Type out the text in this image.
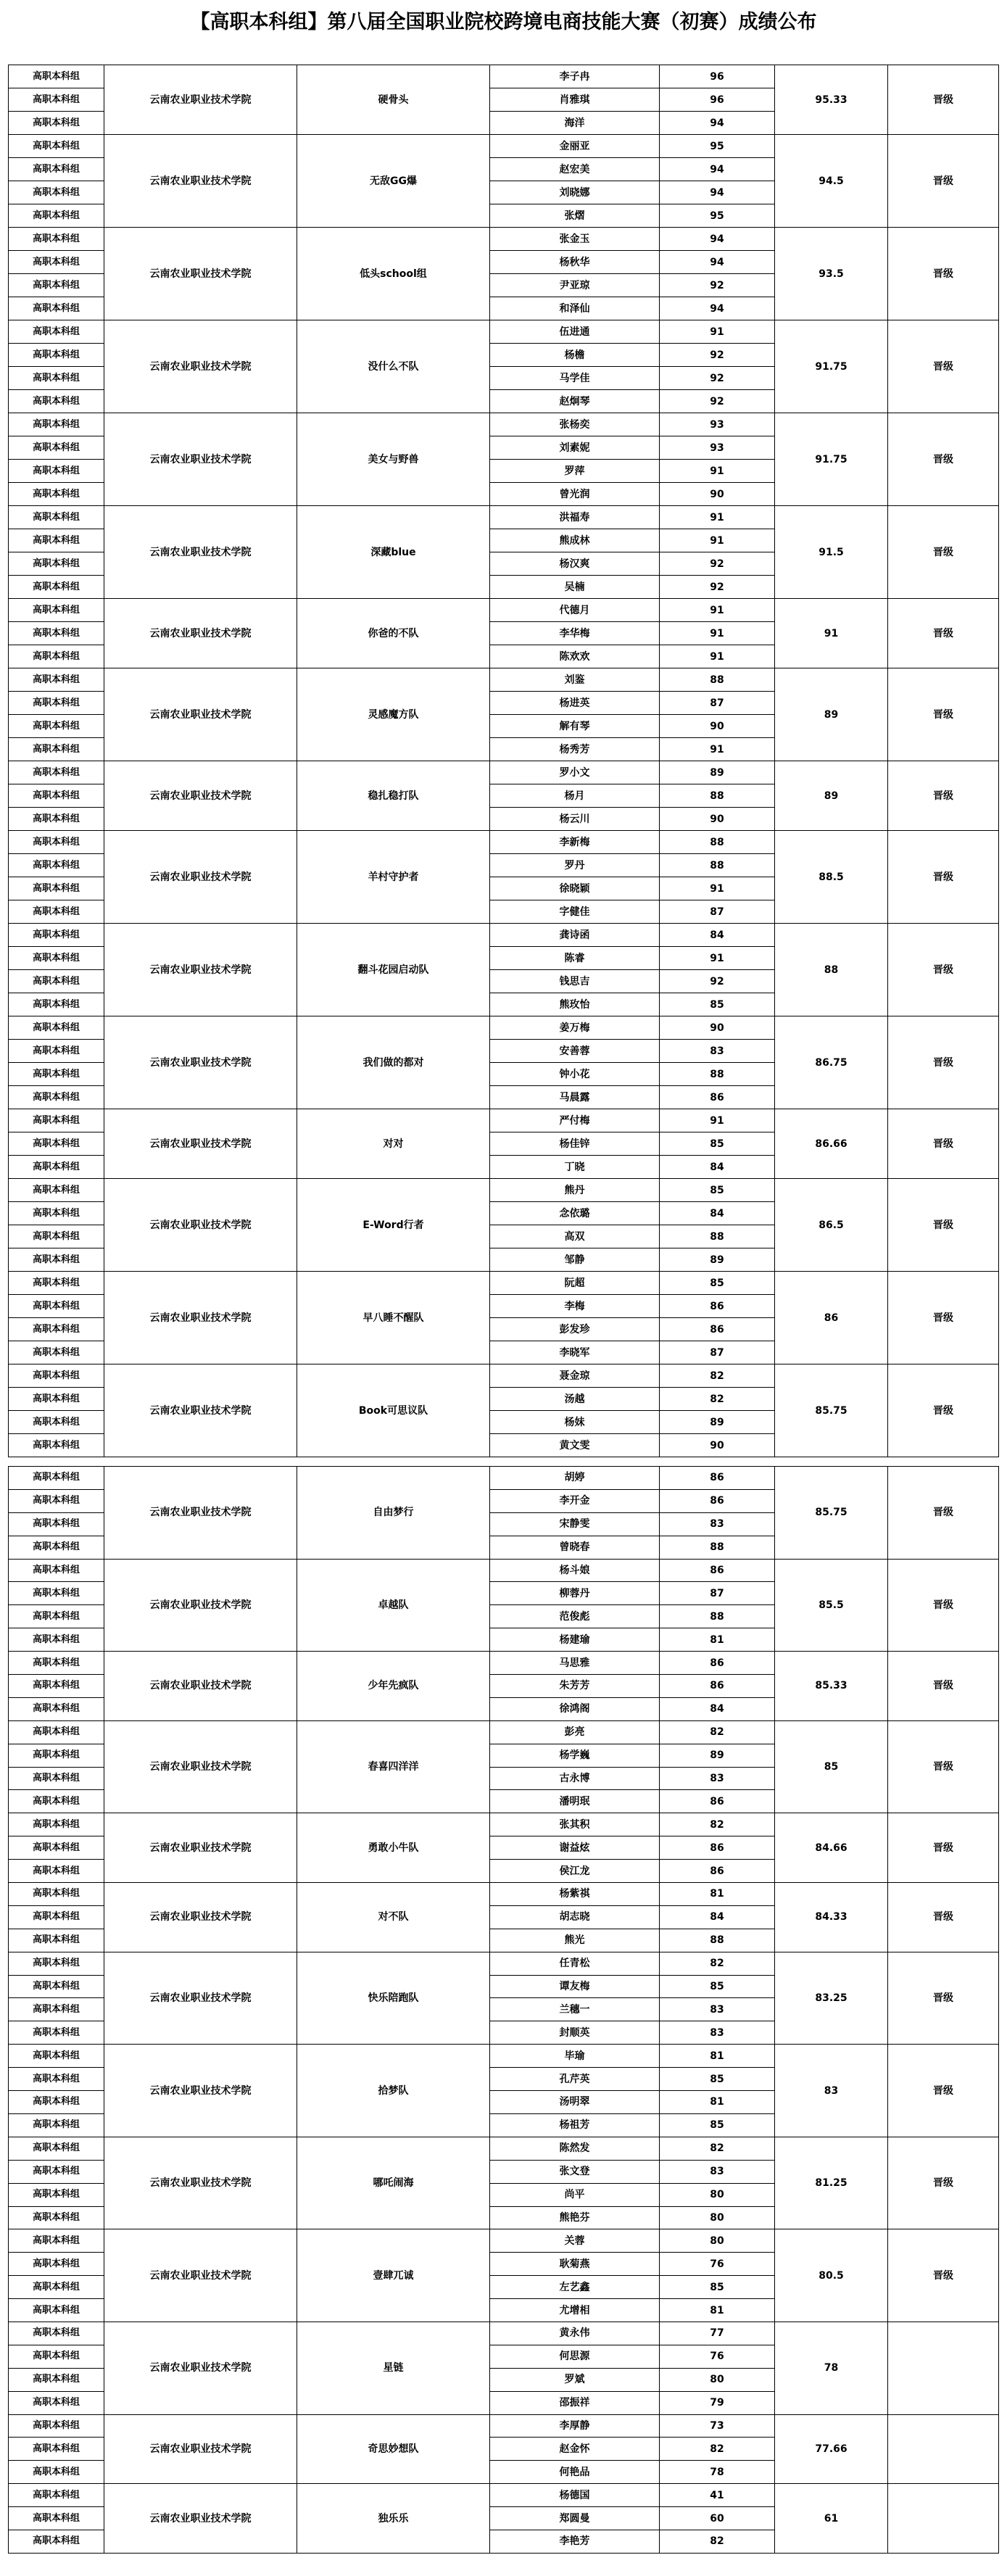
【高职本科组】第八届全国职业院校跨境电商技能大赛（初赛）成绩公布
高职本科组	云南农业职业技术学院	硬骨头	李子冉	96	95.33	晋级
高职本科组			肖雅琪	96		
高职本科组			海洋	94		
高职本科组	云南农业职业技术学院	无敌GG爆	金丽亚	95	94.5	晋级
高职本科组			赵宏美	94		
高职本科组			刘晓娜	94		
高职本科组			张熠	95		
高职本科组	云南农业职业技术学院	低头school组	张金玉	94	93.5	晋级
高职本科组			杨秋华	94		
高职本科组			尹亚琼	92		
高职本科组			和泽仙	94		
高职本科组	云南农业职业技术学院	没什么不队	伍进通	91	91.75	晋级
高职本科组			杨檐	92		
高职本科组			马学佳	92		
高职本科组			赵炯琴	92		
高职本科组	云南农业职业技术学院	美女与野兽	张杨奕	93	91.75	晋级
高职本科组			刘素妮	93		
高职本科组			罗萍	91		
高职本科组			曾光润	90		
高职本科组	云南农业职业技术学院	深藏blue	洪福寿	91	91.5	晋级
高职本科组			熊成林	91		
高职本科组			杨汉爽	92		
高职本科组			吴楠	92		
高职本科组	云南农业职业技术学院	你爸的不队	代德月	91	91	晋级
高职本科组			李华梅	91		
高职本科组			陈欢欢	91		
高职本科组	云南农业职业技术学院	灵感魔方队	刘鉴	88	89	晋级
高职本科组			杨进英	87		
高职本科组			解有琴	90		
高职本科组			杨秀芳	91		
高职本科组	云南农业职业技术学院	稳扎稳打队	罗小文	89	89	晋级
高职本科组			杨月	88		
高职本科组			杨云川	90		
高职本科组	云南农业职业技术学院	羊村守护者	李新梅	88	88.5	晋级
高职本科组			罗丹	88		
高职本科组			徐晓颖	91		
高职本科组			字健佳	87		
高职本科组	云南农业职业技术学院	翻斗花园启动队	龚诗函	84	88	晋级
高职本科组			陈睿	91		
高职本科组			钱思吉	92		
高职本科组			熊玫怡	85		
高职本科组	云南农业职业技术学院	我们做的都对	姜万梅	90	86.75	晋级
高职本科组			安善蓉	83		
高职本科组			钟小花	88		
高职本科组			马晨露	86		
高职本科组	云南农业职业技术学院	对对	严付梅	91	86.66	晋级
高职本科组			杨佳锌	85		
高职本科组			丁晓	84		
高职本科组	云南农业职业技术学院	E-Word行者	熊丹	85	86.5	晋级
高职本科组			念依璐	84		
高职本科组			高双	88		
高职本科组			邹静	89		
高职本科组	云南农业职业技术学院	早八睡不醒队	阮超	85	86	晋级
高职本科组			李梅	86		
高职本科组			彭发珍	86		
高职本科组			李晓军	87		
高职本科组	云南农业职业技术学院	Book可思议队	聂金琼	82	85.75	晋级
高职本科组			汤越	82		
高职本科组			杨妹	89		
高职本科组			黄文雯	90		
高职本科组	云南农业职业技术学院	自由梦行	胡婷	86	85.75	晋级
高职本科组			李开金	86		
高职本科组			宋静雯	83		
高职本科组			曾晓春	88		
高职本科组	云南农业职业技术学院	卓越队	杨斗娘	86	85.5	晋级
高职本科组			柳蓉丹	87		
高职本科组			范俊彪	88		
高职本科组			杨建瑜	81		
高职本科组	云南农业职业技术学院	少年先疯队	马思雅	86	85.33	晋级
高职本科组			朱芳芳	86		
高职本科组			徐鸿阁	84		
高职本科组	云南农业职业技术学院	春喜四洋洋	彭亮	82	85	晋级
高职本科组			杨学巍	89		
高职本科组			古永博	83		
高职本科组			潘明珉	86		
高职本科组	云南农业职业技术学院	勇敢小牛队	张其积	82	84.66	晋级
高职本科组			谢益炫	86		
高职本科组			侯江龙	86		
高职本科组	云南农业职业技术学院	对不队	杨紫祺	81	84.33	晋级
高职本科组			胡志晓	84		
高职本科组			熊光	88		
高职本科组	云南农业职业技术学院	快乐陪跑队	任青松	82	83.25	晋级
高职本科组			谭友梅	85		
高职本科组			兰穗一	83		
高职本科组			封顺英	83		
高职本科组	云南农业职业技术学院	拾梦队	毕瑜	81	83	晋级
高职本科组			孔芹英	85		
高职本科组			汤明翠	81		
高职本科组			杨祖芳	85		
高职本科组	云南农业职业技术学院	哪吒闹海	陈然发	82	81.25	晋级
高职本科组			张文登	83		
高职本科组			尚平	80		
高职本科组			熊艳芬	80		
高职本科组	云南农业职业技术学院	壹肆兀诚	关蓉	80	80.5	晋级
高职本科组			耿菊燕	76		
高职本科组			左艺鑫	85		
高职本科组			尤增相	81		
高职本科组	云南农业职业技术学院	星链	黄永伟	77	78	
高职本科组			何思源	76		
高职本科组			罗斌	80		
高职本科组			邵振祥	79		
高职本科组	云南农业职业技术学院	奇思妙想队	李厚静	73	77.66	
高职本科组			赵金怀	82		
高职本科组			何艳品	78		
高职本科组	云南农业职业技术学院	独乐乐	杨德国	41	61	
高职本科组			郑圆曼	60		
高职本科组			李艳芳	82		
